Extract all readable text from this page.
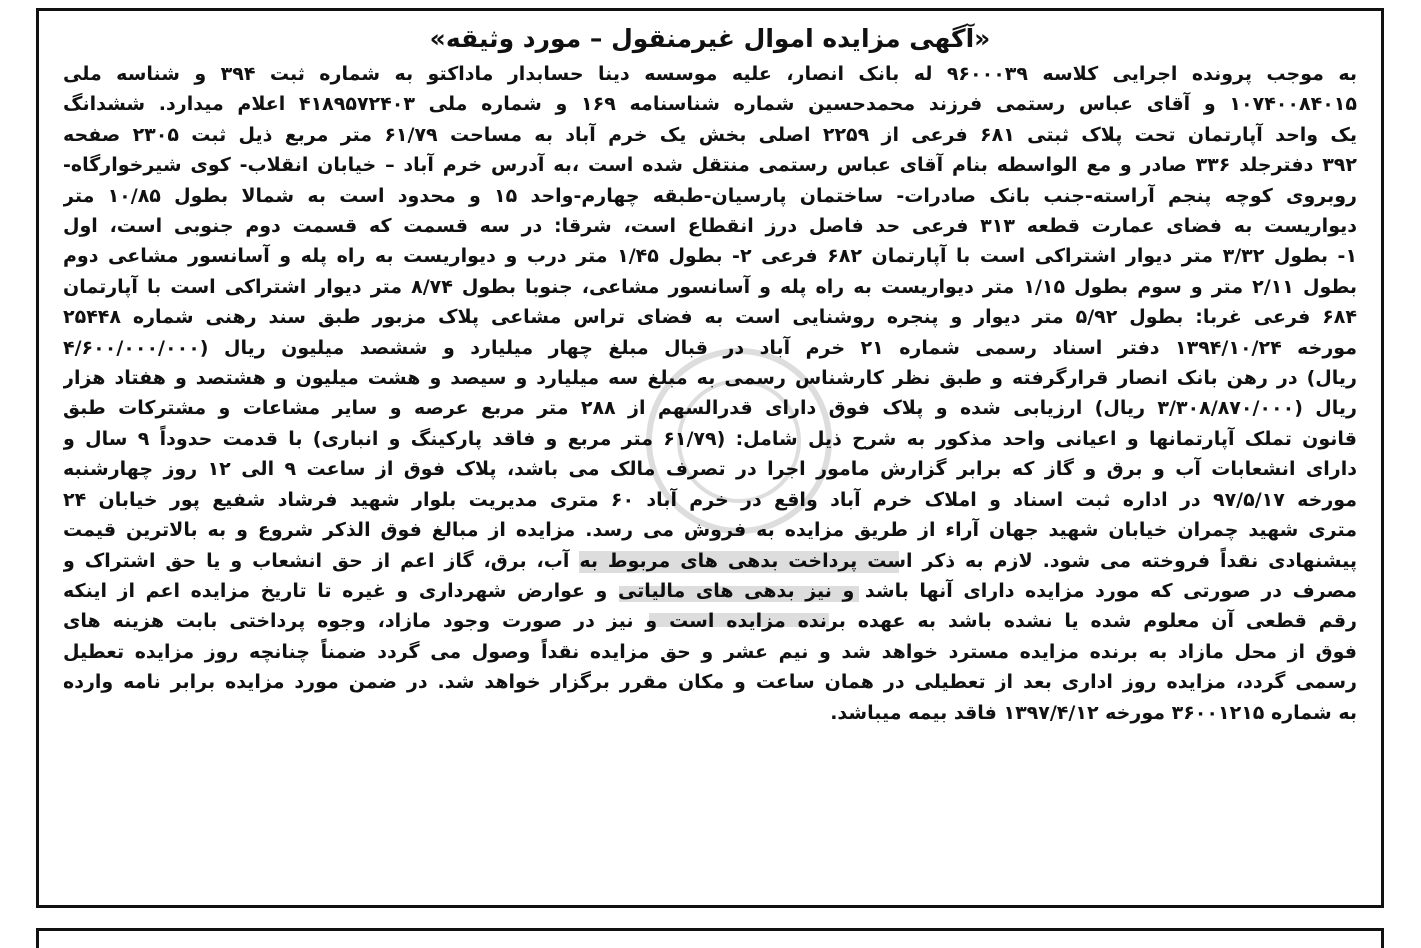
«آگهی مزایده اموال غیرمنقول – مورد وثیقه»
به موجب پرونده اجرایی کلاسه ۹۶۰۰۰۳۹ له بانک انصار، علیه موسسه دینا حسابدار ماداکتو به شماره ثبت ۳۹۴ و شناسه ملی
۱۰۷۴۰۰۸۴۰۱۵ و آقای عباس رستمی فرزند محمدحسین شماره شناسنامه ۱۶۹ و شماره ملی ۴۱۸۹۵۷۲۴۰۳ اعلام میدارد. ششدانگ
یک واحد آپارتمان تحت پلاک ثبتی ۶۸۱ فرعی از ۲۲۵۹ اصلی بخش یک خرم آباد به مساحت ۶۱/۷۹ متر مربع ذیل ثبت ۲۳۰۵ صفحه
۳۹۲ دفترجلد ۳۳۶ صادر و مع الواسطه بنام آقای عباس رستمی منتقل شده است ،به آدرس خرم آباد – خیابان انقلاب- کوی شیرخوارگاه-
روبروی کوچه پنجم آراسته-جنب بانک صادرات- ساختمان پارسیان-طبقه چهارم-واحد ۱۵ و محدود است به شمالا بطول ۱۰/۸۵ متر
دیواریست به فضای عمارت قطعه ۳۱۳ فرعی حد فاصل درز انقطاع است، شرقا: در سه قسمت که قسمت دوم جنوبی است، اول
۱- بطول ۳/۳۲ متر دیوار اشتراکی است با آپارتمان ۶۸۲ فرعی ۲- بطول ۱/۴۵ متر درب و دیواریست به راه پله و آسانسور مشاعی دوم
بطول ۲/۱۱ متر و سوم بطول ۱/۱۵ متر دیواریست به راه پله و آسانسور مشاعی، جنوبا بطول ۸/۷۴ متر دیوار اشتراکی است با آپارتمان
۶۸۴ فرعی غربا: بطول ۵/۹۲ متر دیوار و پنجره روشنایی است به فضای تراس مشاعی پلاک مزبور طبق سند رهنی شماره ۲۵۴۴۸
مورخه ۱۳۹۴/۱۰/۲۴ دفتر اسناد رسمی شماره ۲۱ خرم آباد در قبال مبلغ چهار میلیارد و ششصد میلیون ریال (۴/۶۰۰/۰۰۰/۰۰۰
ریال) در رهن بانک انصار قرارگرفته و طبق نظر کارشناس رسمی به مبلغ سه میلیارد و سیصد و هشت میلیون و هشتصد و هفتاد هزار
ریال (۳/۳۰۸/۸۷۰/۰۰۰ ریال) ارزیابی شده و پلاک فوق دارای قدرالسهم از ۲۸۸ متر مربع عرصه و سایر مشاعات و مشترکات طبق
قانون تملک آپارتمانها و اعیانی واحد مذکور به شرح ذیل شامل: (۶۱/۷۹ متر مربع و فاقد پارکینگ و انباری) با قدمت حدوداً ۹ سال و
دارای انشعابات آب و برق و گاز که برابر گزارش مامور اجرا در تصرف مالک می باشد، پلاک فوق از ساعت ۹ الی ۱۲ روز چهارشنبه
مورخه ۹۷/۵/۱۷ در اداره ثبت اسناد و املاک خرم آباد واقع در خرم آباد ۶۰ متری مدیریت بلوار شهید فرشاد شفیع پور خیابان ۲۴
متری شهید چمران خیابان شهید جهان آراء از طریق مزایده به فروش می رسد. مزایده از مبالغ فوق الذکر شروع و به بالاترین قیمت
پیشنهادی نقداً فروخته می شود. لازم به ذکر است پرداخت بدهی های مربوط به آب، برق، گاز اعم از حق انشعاب و یا حق اشتراک و
مصرف در صورتی که مورد مزایده دارای آنها باشد و نیز بدهی های مالیاتی و عوارض شهرداری و غیره تا تاریخ مزایده اعم از اینکه
رقم قطعی آن معلوم شده یا نشده باشد به عهده برنده مزایده است و نیز در صورت وجود مازاد، وجوه پرداختی بابت هزینه های
فوق از محل مازاد به برنده مزایده مسترد خواهد شد و نیم عشر و حق مزایده نقداً وصول می گردد ضمناً چنانچه روز مزایده تعطیل
رسمی گردد، مزایده روز اداری بعد از تعطیلی در همان ساعت و مکان مقرر برگزار خواهد شد. در ضمن مورد مزایده برابر نامه وارده
به شماره ۳۶۰۰۱۲۱۵ مورخه ۱۳۹۷/۴/۱۲ فاقد بیمه میباشد.
